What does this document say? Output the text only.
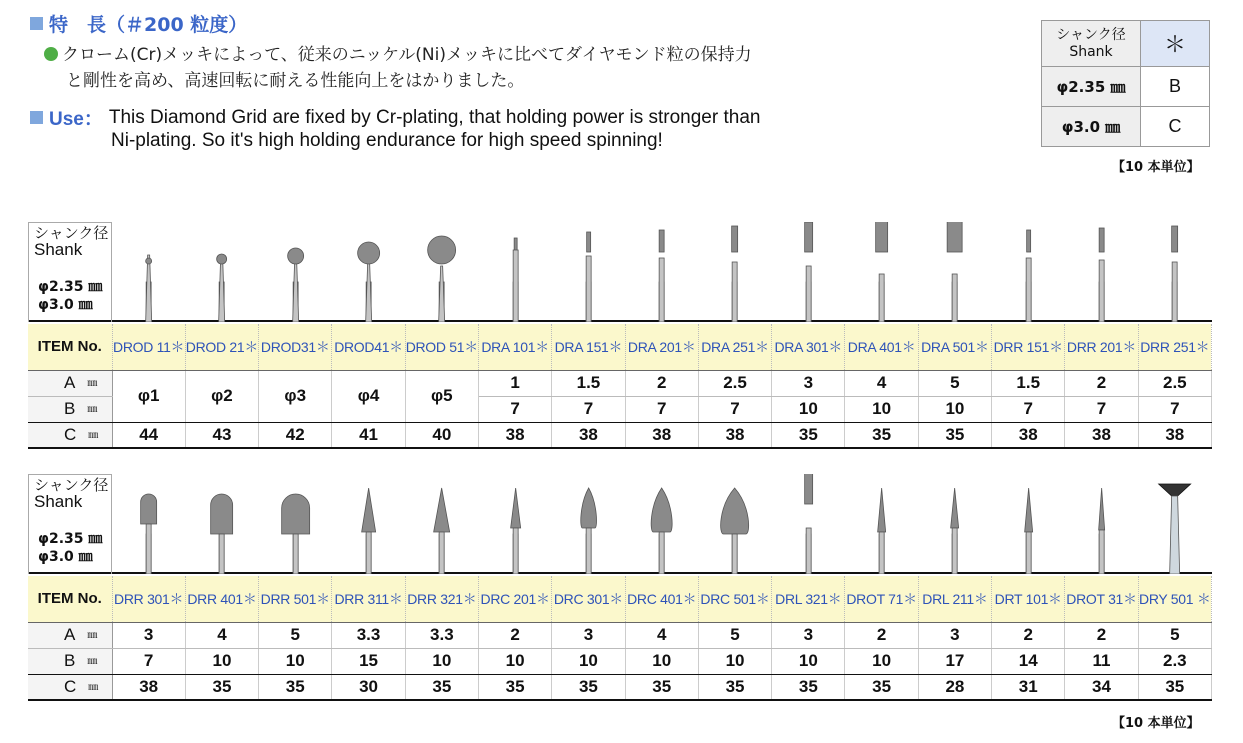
特　長（＃200 粒度）
クローム(Cr)メッキによって、従来のニッケル(Ni)メッキに比べてダイヤモンド粒の保持力
と剛性を高め、高速回転に耐える性能向上をはかりました。
Use： This Diamond Grid are fixed by Cr-plating, that holding power is stronger than
Ni-plating. So it's high holding endurance for high speed spinning!
シャンク径
Shank	＊
φ2.35 ㎜	B
φ3.0 ㎜	C
【10 本単位】
シャンク径
Shank
φ2.35 ㎜
φ3.0 ㎜
ITEM No.	DROD 11＊	DROD 21＊	DROD31＊	DROD41＊	DROD 51＊	DRA 101＊	DRA 151＊	DRA 201＊	DRA 251＊	DRA 301＊	DRA 401＊	DRA 501＊	DRR 151＊	DRR 201＊	DRR 251＊
A ㎜	φ1	φ2	φ3	φ4	φ5	1	1.5	2	2.5	3	4	5	1.5	2	2.5
B ㎜						7	7	7	7	10	10	10	7	7	7
C ㎜	44	43	42	41	40	38	38	38	38	35	35	35	38	38	38
シャンク径
Shank
φ2.35 ㎜
φ3.0 ㎜
ITEM No.	DRR 301＊	DRR 401＊	DRR 501＊	DRR 311＊	DRR 321＊	DRC 201＊	DRC 301＊	DRC 401＊	DRC 501＊	DRL 321＊	DROT 71＊	DRL 211＊	DRT 101＊	DROT 31＊	DRY 501 ＊
A ㎜	3	4	5	3.3	3.3	2	3	4	5	3	2	3	2	2	5
B ㎜	7	10	10	15	10	10	10	10	10	10	10	17	14	11	2.3
C ㎜	38	35	35	30	35	35	35	35	35	35	35	28	31	34	35
【10 本単位】
